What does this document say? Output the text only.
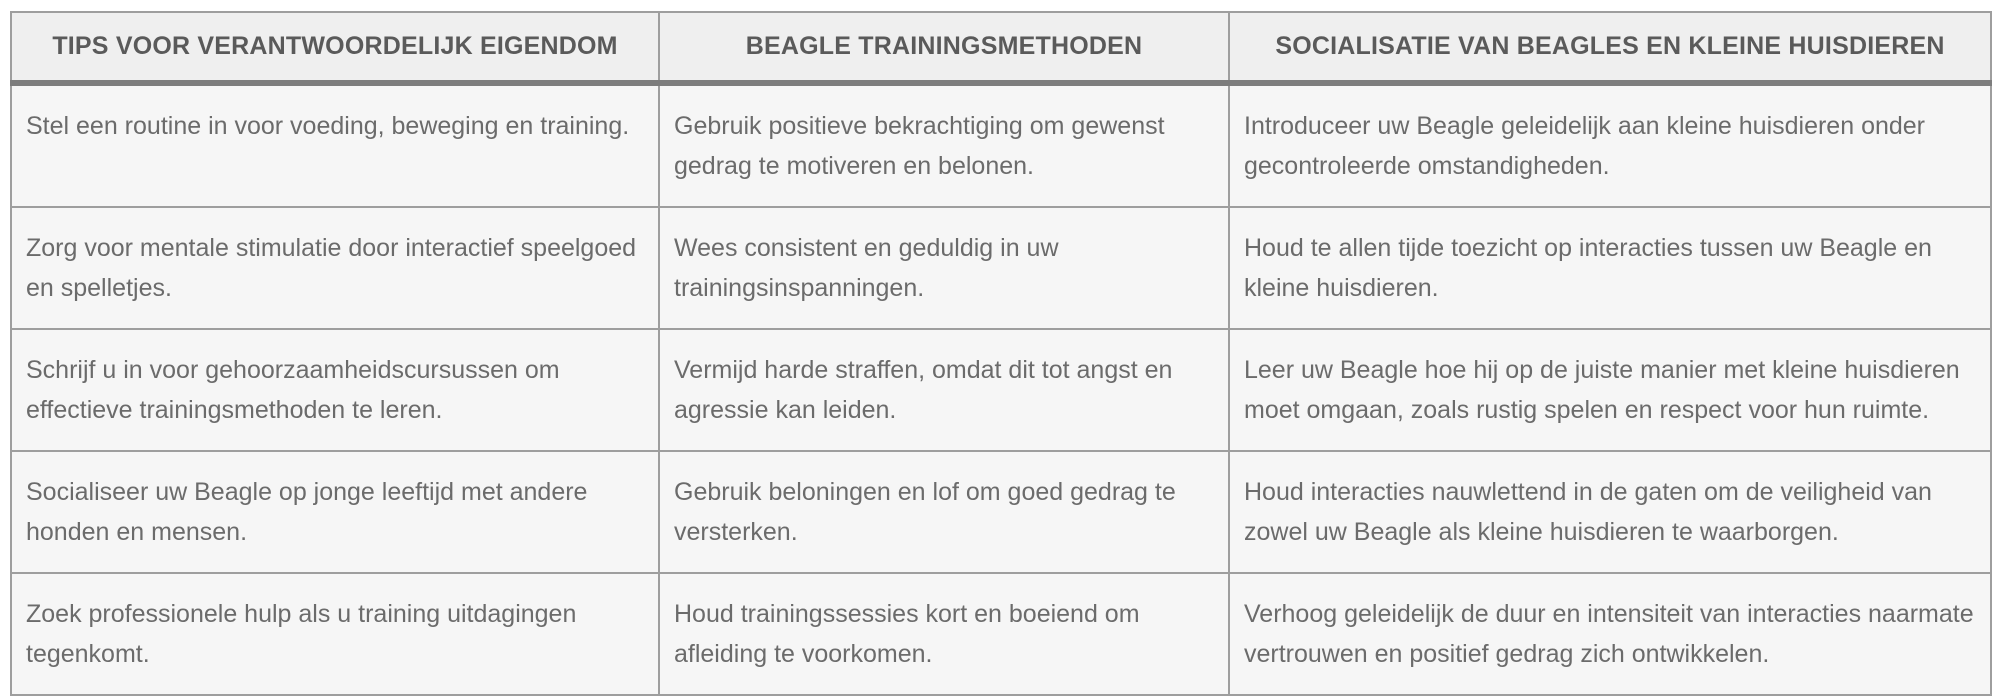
TIPS VOOR VERANTWOORDELIJK EIGENDOM	BEAGLE TRAININGSMETHODEN	SOCIALISATIE VAN BEAGLES EN KLEINE HUISDIEREN
Stel een routine in voor voeding, beweging en training.	Gebruik positieve bekrachtiging om gewenst gedrag te motiveren en belonen.	Introduceer uw Beagle geleidelijk aan kleine huisdieren onder gecontroleerde omstandigheden.
Zorg voor mentale stimulatie door interactief speelgoed en spelletjes.	Wees consistent en geduldig in uw trainingsinspanningen.	Houd te allen tijde toezicht op interacties tussen uw Beagle en kleine huisdieren.
Schrijf u in voor gehoorzaamheidscursussen om effectieve trainingsmethoden te leren.	Vermijd harde straffen, omdat dit tot angst en agressie kan leiden.	Leer uw Beagle hoe hij op de juiste manier met kleine huisdieren moet omgaan, zoals rustig spelen en respect voor hun ruimte.
Socialiseer uw Beagle op jonge leeftijd met andere honden en mensen.	Gebruik beloningen en lof om goed gedrag te versterken.	Houd interacties nauwlettend in de gaten om de veiligheid van zowel uw Beagle als kleine huisdieren te waarborgen.
Zoek professionele hulp als u training uitdagingen tegenkomt.	Houd trainingssessies kort en boeiend om afleiding te voorkomen.	Verhoog geleidelijk de duur en intensiteit van interacties naarmate vertrouwen en positief gedrag zich ontwikkelen.
